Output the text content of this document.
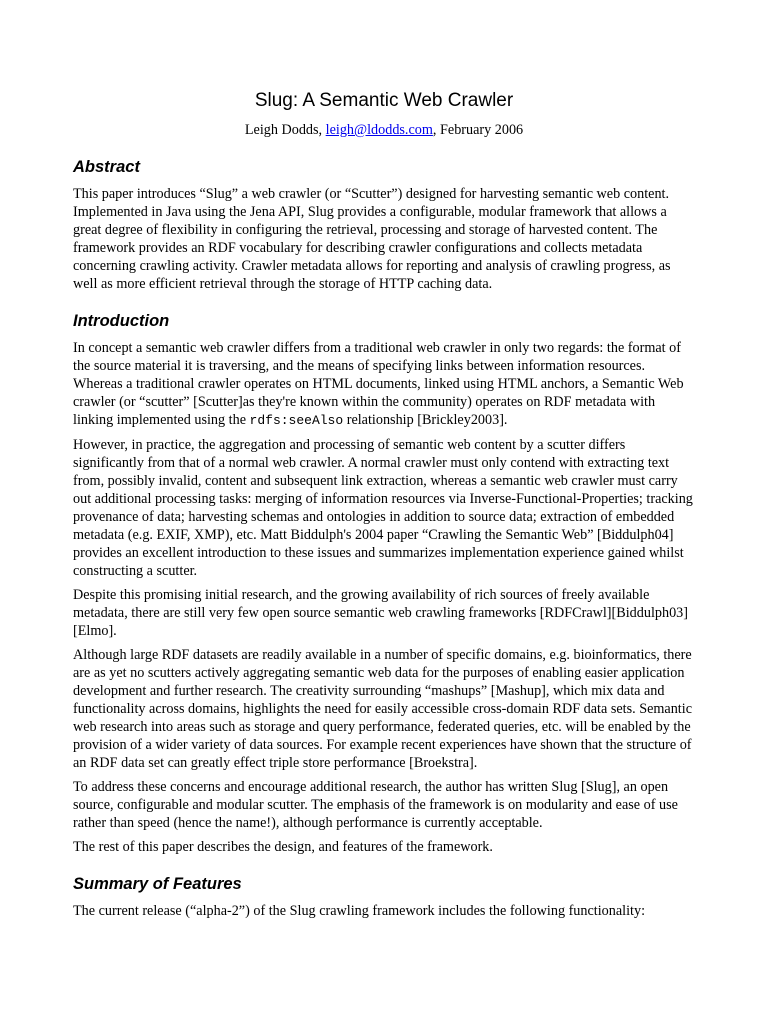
Slug: A Semantic Web Crawler

Leigh Dodds, leigh@ldodds.com, February 2006

Abstract

This paper introduces “Slug” a web crawler (or “Scutter”) designed for harvesting semantic web content. Implemented in Java using the Jena API, Slug provides a configurable, modular framework that allows a great degree of flexibility in configuring the retrieval, processing and storage of harvested content. The framework provides an RDF vocabulary for describing crawler configurations and collects metadata concerning crawling activity. Crawler metadata allows for reporting and analysis of crawling progress, as well as more efficient retrieval through the storage of HTTP caching data.

Introduction

In concept a semantic web crawler differs from a traditional web crawler in only two regards: the format of the source material it is traversing, and the means of specifying links between information resources. Whereas a traditional crawler operates on HTML documents, linked using HTML anchors, a Semantic Web crawler (or “scutter” [Scutter]as they're known within the community) operates on RDF metadata with linking implemented using the rdfs:seeAlso relationship [Brickley2003].

However, in practice, the aggregation and processing of semantic web content by a scutter differs significantly from that of a normal web crawler. A normal crawler must only contend with extracting text from, possibly invalid, content and subsequent link extraction, whereas a semantic web crawler must carry out additional processing tasks: merging of information resources via Inverse-Functional-Properties; tracking provenance of data; harvesting schemas and ontologies in addition to source data; extraction of embedded metadata (e.g. EXIF, XMP), etc. Matt Biddulph's 2004 paper “Crawling the Semantic Web” [Biddulph04] provides an excellent introduction to these issues and summarizes implementation experience gained whilst constructing a scutter.

Despite this promising initial research, and the growing availability of rich sources of freely available metadata, there are still very few open source semantic web crawling frameworks [RDFCrawl][Biddulph03][Elmo].

Although large RDF datasets are readily available in a number of specific domains, e.g. bioinformatics, there are as yet no scutters actively aggregating semantic web data for the purposes of enabling easier application development and further research. The creativity surrounding “mashups” [Mashup], which mix data and functionality across domains, highlights the need for easily accessible cross-domain RDF data sets. Semantic web research into areas such as storage and query performance, federated queries, etc. will be enabled by the provision of a wider variety of data sources. For example recent experiences have shown that the structure of an RDF data set can greatly effect triple store performance [Broekstra].

To address these concerns and encourage additional research, the author has written Slug [Slug], an open source, configurable and modular scutter. The emphasis of the framework is on modularity and ease of use rather than speed (hence the name!), although performance is currently acceptable.

The rest of this paper describes the design, and features of the framework.

Summary of Features

The current release (“alpha-2”) of the Slug crawling framework includes the following functionality:
